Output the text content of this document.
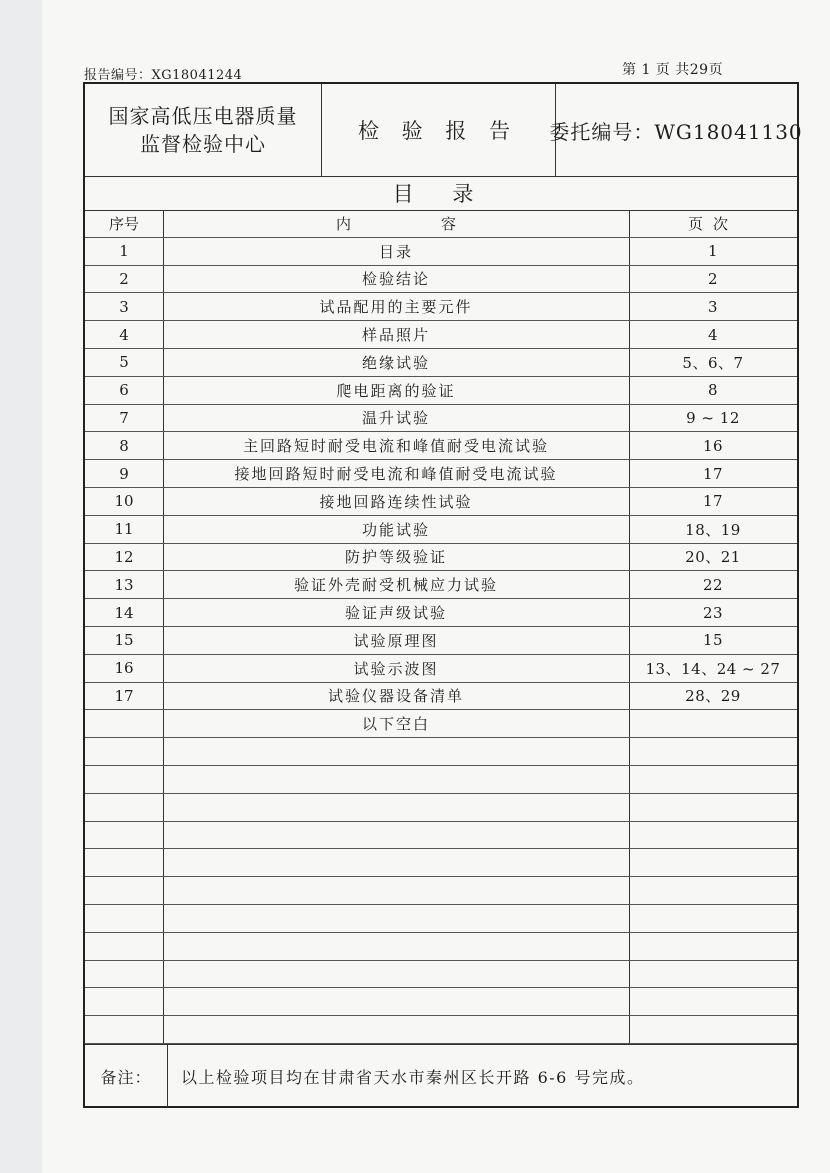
报告编号：XG18041244	第 1 页 共29页
国家高低压电器质量
监督检验中心
检 验 报 告	委托编号：WG18041130
目 录
序号	内容	页次
1	目录	1
2	检验结论	2
3	试品配用的主要元件	3
4	样品照片	4
5	绝缘试验	5、6、7
6	爬电距离的验证	8
7	温升试验	9 ~ 12
8	主回路短时耐受电流和峰值耐受电流试验	16
9	接地回路短时耐受电流和峰值耐受电流试验	17
10	接地回路连续性试验	17
11	功能试验	18、19
12	防护等级验证	20、21
13	验证外壳耐受机械应力试验	22
14	验证声级试验	23
15	试验原理图	15
16	试验示波图	13、14、24 ~ 27
17	试验仪器设备清单	28、29
以下空白
备注：	以上检验项目均在甘肃省天水市秦州区长开路 6-6 号完成。
